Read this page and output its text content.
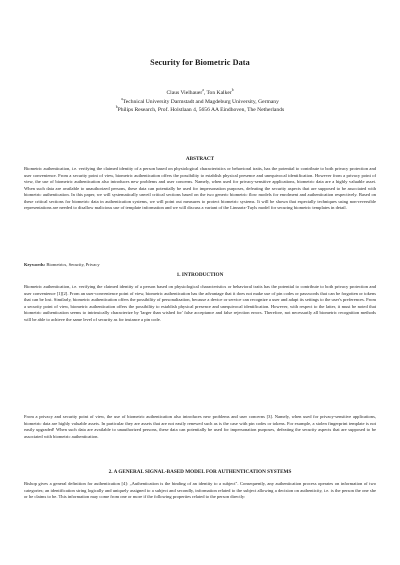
Security for Biometric Data
Claus Vielhauer$^a$, Ton Kalker$^b$
$^a$Technical University Darmstadt and Magdeburg University, Germany
$^b$Philips Research, Prof. Holstlaan 4, 5656 AA Eindhoven, The Netherlands
ABSTRACT

Biometric authentication, i.e. verifying the claimed identity of a person based on physiological characteristics or behavioral traits, has the potential to contribute to both privacy protection and user convenience. From a security point of view, biometric authentication offers the possibility to establish physical presence and unequivocal identification. However from a privacy point of view, the use of biometric authentication also introduces new problems and user concerns. Namely, when used for privacy-sensitive applications, biometric data are a highly valuable asset. When such data are available to unauthorized persons, these data can potentially be used for impersonation purposes, defeating the security aspects that are supposed to be associated with biometric authentication. In this paper, we will systematically unveil critical sections based on the two generic biometric flow models for enrolment and authentication respectively. Based on these critical sections for biometric data in authentication systems, we will point out measures to protect biometric systems. It will be shown that especially techniques using non-reversible representations are needed to disallow malicious use of template information and we will discuss a variant of the Linnartz-Tuyls model for securing biometric templates in detail.

Keywords: Biometrics, Security, Privacy
1. INTRODUCTION

Biometric authentication, i.e. verifying the claimed identity of a person based on physiological characteristics or behavioral traits has the potential to contribute to both privacy protection and user convenience [1][2]. From an user-convenience point of view, biometric authentication has the advantage that it does not make use of pin codes or passwords that can be forgotten or tokens that can be lost. Similarly, biometric authentication offers the possibility of personalization, because a device or service can recognize a user and adapt its settings to the user's preferences. From a security point of view, biometric authentication offers the possibility to establish physical presence and unequivocal identification. However, with respect to the latter, it must be noted that biometric authentication seems to intrinsically characterize by 'larger than wished for' false acceptance and false rejection errors. Therefore, not necessarily all biometric recognition methods will be able to achieve the same level of security as for instance a pin code.

From a privacy and security point of view, the use of biometric authentication also introduces new problems and user concerns [3]. Namely, when used for privacy-sensitive applications, biometric data are highly valuable assets. In particular they are assets that are not easily renewed such as is the case with pin codes or tokens. For example, a stolen fingerprint template is not easily upgraded! When such data are available to unauthorized persons, these data can potentially be used for impersonation purposes, defeating the security aspects that are supposed to be associated with biometric authentication.

2. A GENERAL SIGNAL-BASED MODEL FOR AUTHENTICATION SYSTEMS

Bishop gives a general definition for authentication [4]: „Authentication is the binding of an identity to a subject". Consequently, any authentication process operates on information of two categories; an identification string logically and uniquely assigned to a subject and secondly, information related to the subject allowing a decision on authenticity, i.e. is the person the one she or he claims to be. This information may come from one or more if the following properties related to the person directly:
